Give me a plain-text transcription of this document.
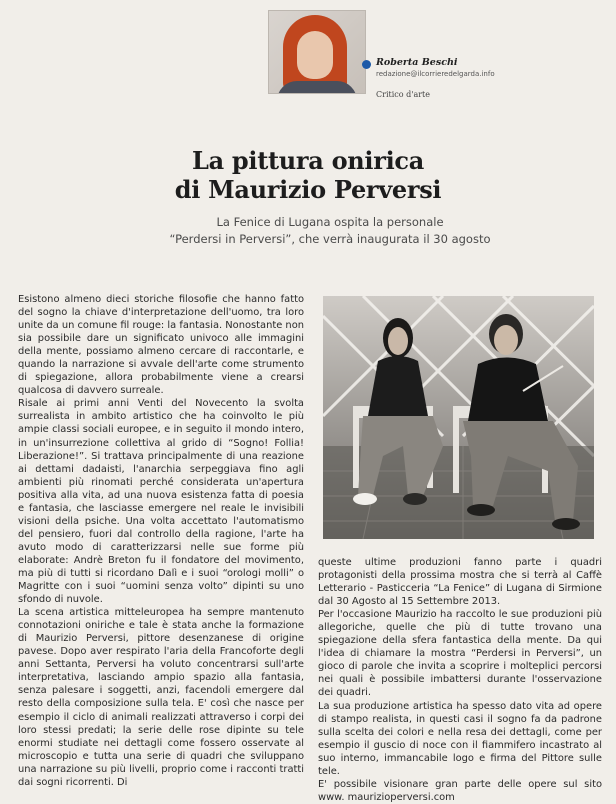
Roberta Beschi
redazione@ilcorrieredelgarda.info
Critico d'arte
La pittura onirica
di Maurizio Perversi
La Fenice di Lugana ospita la personale
“Perdersi in Perversi”, che verrà inaugurata il 30 agosto

Esistono almeno dieci storiche filosofie che hanno fatto del sogno la chiave d'interpretazione dell'uomo, tra loro unite da un comune fil rouge: la fantasia. Nonostante non sia possibile dare un significato univoco alle immagini della mente, possiamo almeno cercare di raccontarle, e quando la narrazione si avvale dell'arte come strumento di spiegazione, allora probabilmente viene a crearsi qualcosa di davvero surreale.

Risale ai primi anni Venti del Novecento la svolta surrealista in ambito artistico che ha coinvolto le più ampie classi sociali europee, e in seguito il mondo intero, in un'insurrezione collettiva al grido di “Sogno! Follia! Liberazione!”. Si trattava principalmente di una reazione ai dettami dadaisti, l'anarchia serpeggiava fino agli ambienti più rinomati perché considerata un'apertura positiva alla vita, ad una nuova esistenza fatta di poesia e fantasia, che lasciasse emergere nel reale le invisibili visioni della psiche. Una volta accettato l'automatismo del pensiero, fuori dal controllo della ragione, l'arte ha avuto modo di caratterizzarsi nelle sue forme più elaborate: Andrè Breton fu il fondatore del movimento, ma più di tutti si ricordano Dalì e i suoi “orologi molli” o Magritte con i suoi “uomini senza volto” dipinti su uno sfondo di nuvole.

La scena artistica mitteleuropea ha sempre mantenuto connotazioni oniriche e tale è stata anche la formazione di Maurizio Perversi, pittore desenzanese di origine pavese. Dopo aver respirato l'aria della Francoforte degli anni Settanta, Perversi ha voluto concentrarsi sull'arte interpretativa, lasciando ampio spazio alla fantasia, senza palesare i soggetti, anzi, facendoli emergere dal resto della composizione sulla tela. E' così che nasce per esempio il ciclo di animali realizzati attraverso i corpi dei loro stessi predati; la serie delle rose dipinte su tele enormi studiate nei dettagli come fossero osservate al microscopio e tutta una serie di quadri che sviluppano una narrazione su più livelli, proprio come i racconti tratti dai sogni ricorrenti. Di

queste ultime produzioni fanno parte i quadri protagonisti della prossima mostra che si terrà al Caffè Letterario - Pasticceria “La Fenice” di Lugana di Sirmione dal 30 Agosto al 15 Settembre 2013.

Per l'occasione Maurizio ha raccolto le sue produzioni più allegoriche, quelle che più di tutte trovano una spiegazione della sfera fantastica della mente. Da qui l'idea di chiamare la mostra “Perdersi in Perversi”, un gioco di parole che invita a scoprire i molteplici percorsi nei quali è possibile imbattersi durante l'osservazione dei quadri.

La sua produzione artistica ha spesso dato vita ad opere di stampo realista, in questi casi il sogno fa da padrone sulla scelta dei colori e nella resa dei dettagli, come per esempio il guscio di noce con il fiammifero incastrato al suo interno, immancabile logo e firma del Pittore sulle tele.

E' possibile visionare gran parte delle opere sul sito www. maurizioperversi.com
